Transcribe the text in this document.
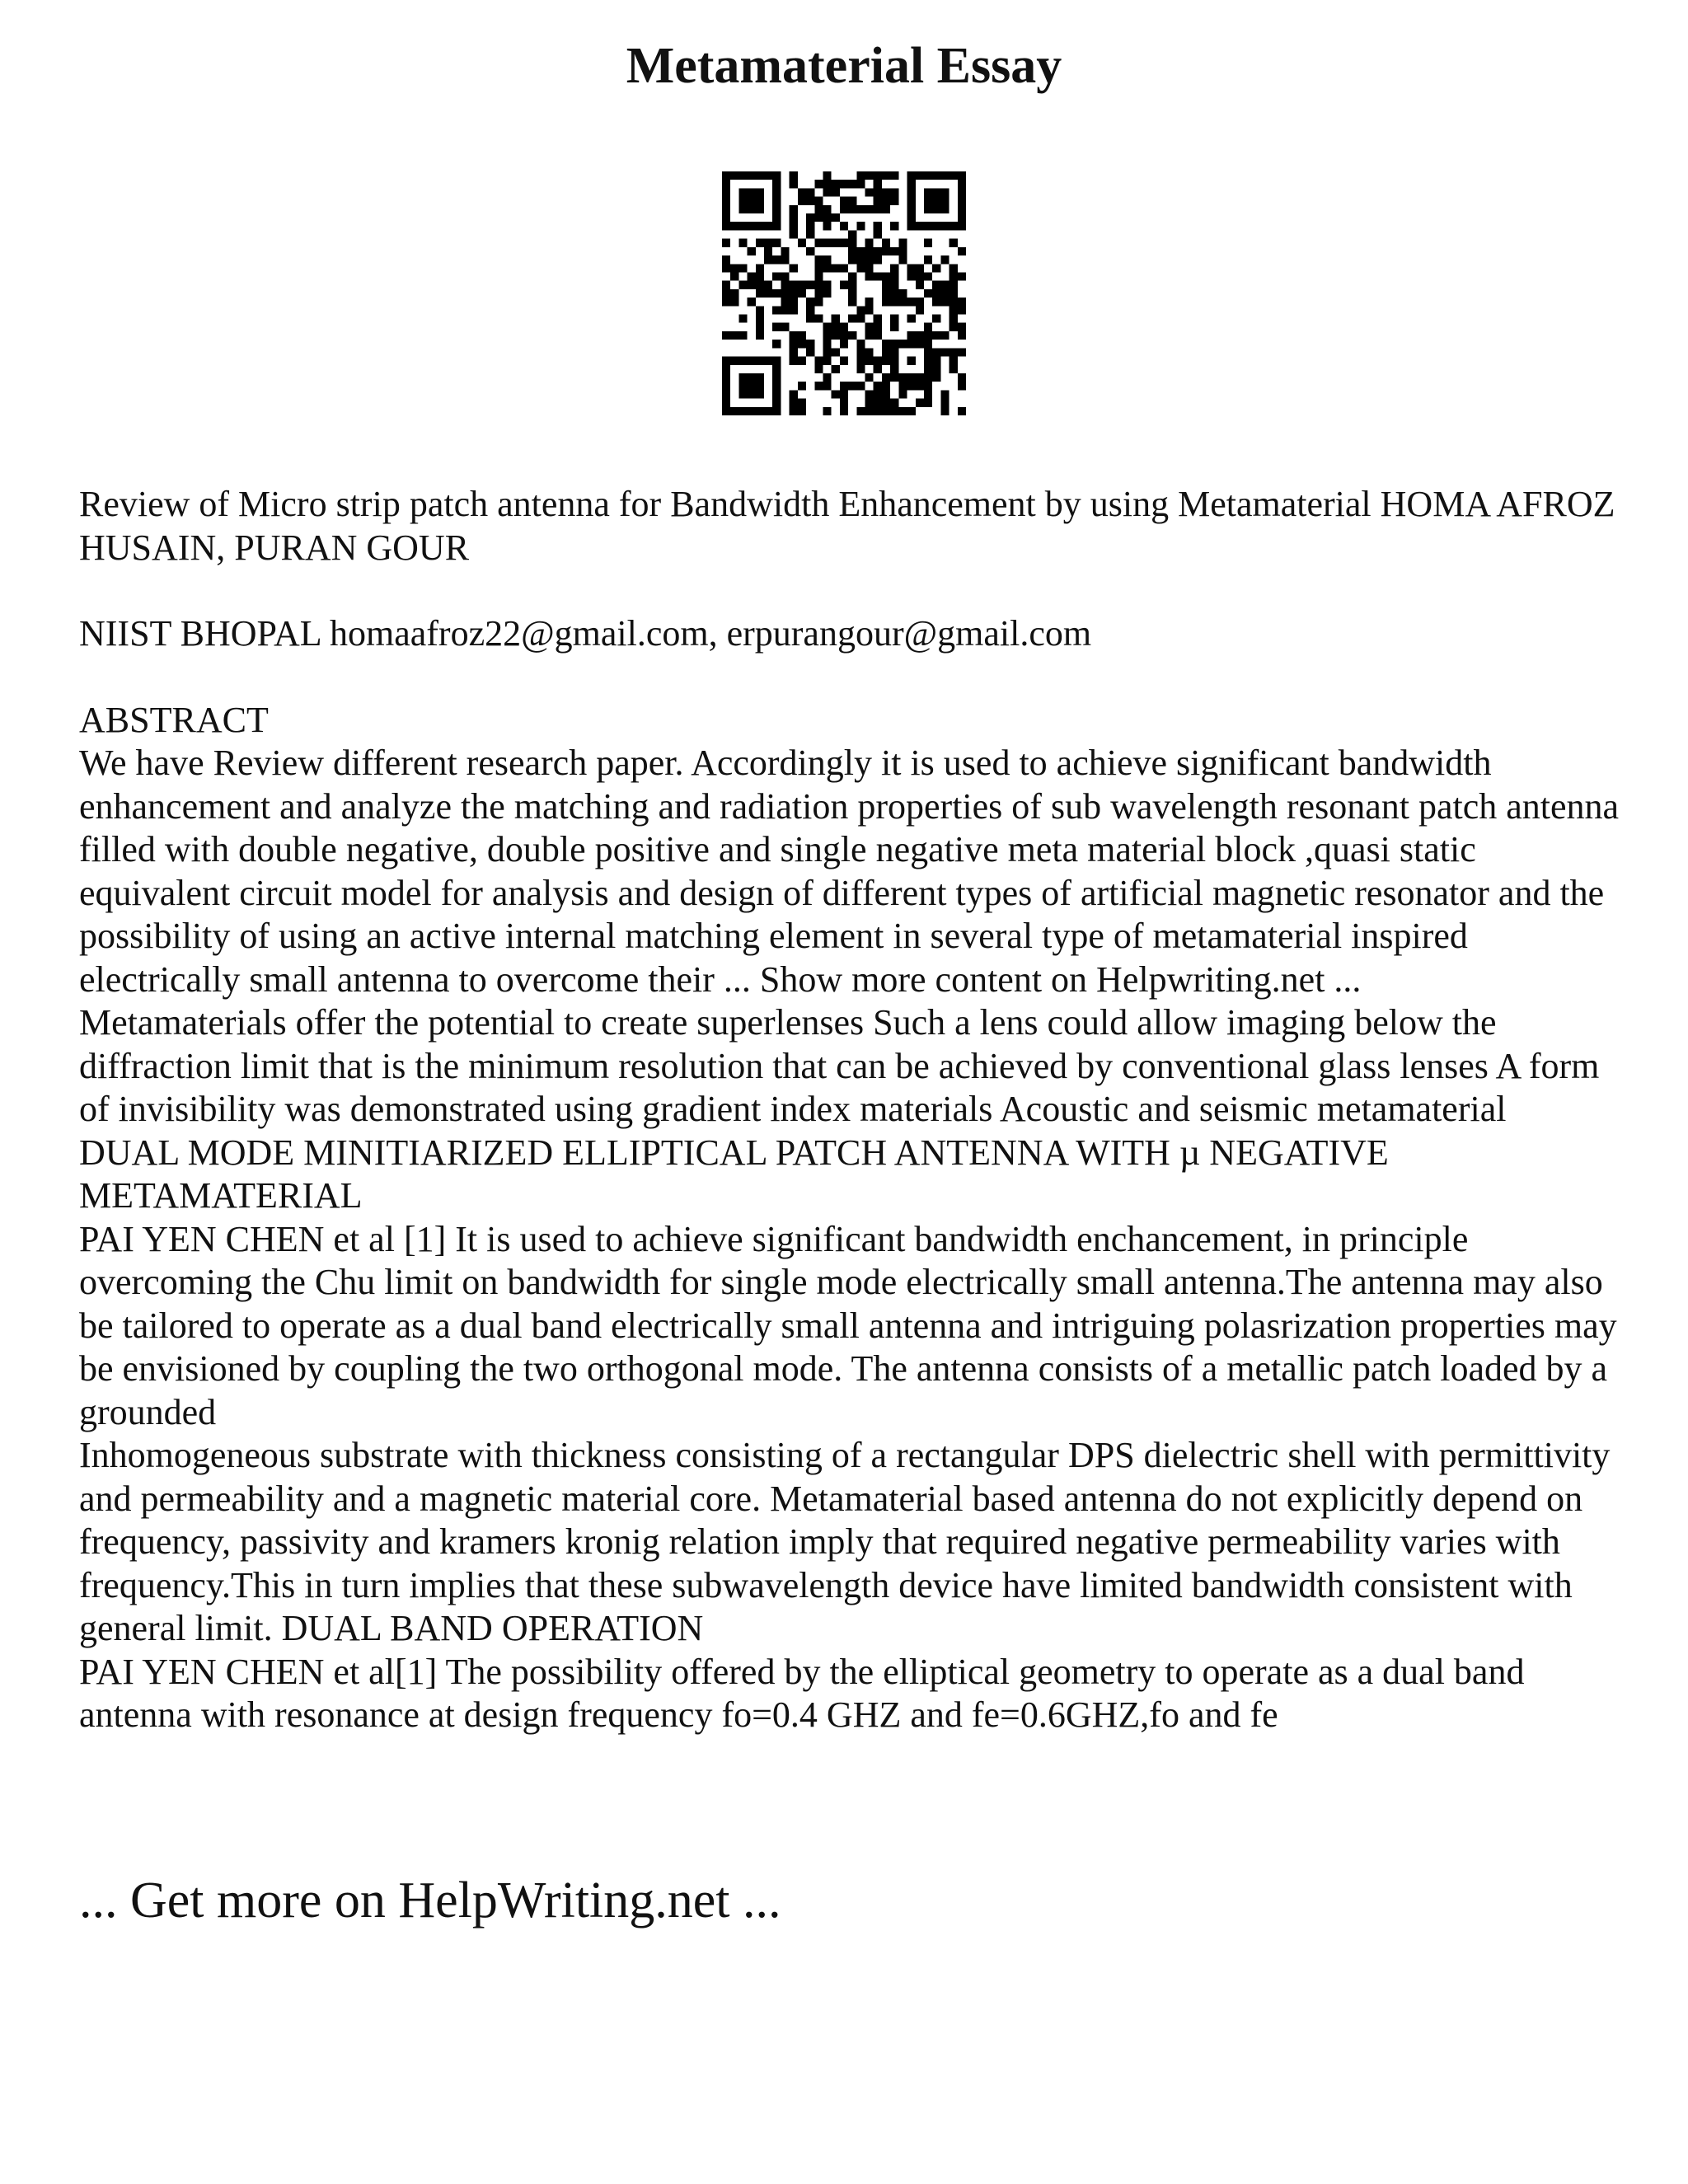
Metamaterial Essay

Review of Micro strip patch antenna for Bandwidth Enhancement by using Metamaterial HOMA AFROZ HUSAIN, PURAN GOUR

NIIST BHOPAL homaafroz22@gmail.com, erpurangour@gmail.com

ABSTRACT

We have Review different research paper. Accordingly it is used to achieve significant bandwidth enhancement and analyze the matching and radiation properties of sub wavelength resonant patch antenna filled with double negative, double positive and single negative meta material block ,quasi static equivalent circuit model for analysis and design of different types of artificial magnetic resonator and the possibility of using an active internal matching element in several type of metamaterial inspired electrically small antenna to overcome their ... Show more content on Helpwriting.net ...

Metamaterials offer the potential to create superlenses Such a lens could allow imaging below the diffraction limit that is the minimum resolution that can be achieved by conventional glass lenses A form of invisibility was demonstrated using gradient index materials Acoustic and seismic metamaterial

DUAL MODE MINITIARIZED ELLIPTICAL PATCH ANTENNA WITH µ NEGATIVE METAMATERIAL

PAI YEN CHEN et al [1] It is used to achieve significant bandwidth enchancement, in principle overcoming the Chu limit on bandwidth for single mode electrically small antenna.The antenna may also be tailored to operate as a dual band electrically small antenna and intriguing polasrization properties may be envisioned by coupling the two orthogonal mode. The antenna consists of a metallic patch loaded by a grounded

Inhomogeneous substrate with thickness consisting of a rectangular DPS dielectric shell with permittivity and permeability and a magnetic material core. Metamaterial based antenna do not explicitly depend on frequency, passivity and kramers kronig relation imply that required negative permeability varies with frequency.This in turn implies that these subwavelength device have limited bandwidth consistent with general limit. DUAL BAND OPERATION

PAI YEN CHEN et al[1] The possibility offered by the elliptical geometry to operate as a dual band antenna with resonance at design frequency fo=0.4 GHZ and fe=0.6GHZ,fo and fe

... Get more on HelpWriting.net ...
